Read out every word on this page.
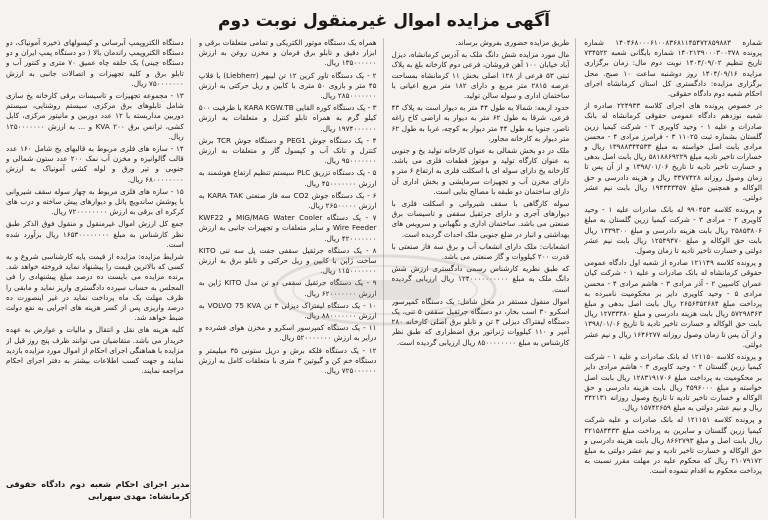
آگهی مزایده اموال غیرمنقول نوبت دوم

شماره ۱۴۰۴۶۸۰۰۰۶۱۰۰۸۳۶۸۱۱۴۵۴۷۲۸۵۹۸۸۳ شماره پرونده ۱۴۰۲۱۳۹۰۰۰۳۰۰۳۷۸ شماره بایگانی شعبه ۷۳۴۵۲۲ تاریخ تنظیم ۱۴۰۴/۰۹/۰۲ نوبت دوم مال: زمان برگزاری مزایده ۱۴۰۴/۰۹/۱۶ روز دوشنبه ساعت ۱۰ صبح. محل برگزاری مزایده: دادگستری کل استان کرمانشاه اجرای احکام شعبه دوم دادگاه حقوقی.

در خصوص پرونده های اجرای کلاسه ۲۲۴۹۳۳ صادره از شعبه نوزدهم دادگاه عمومی حقوقی کرمانشاه له بانک صادرات و علیه ۱ - وحید کاویری ۲ - شرکت کیمیا زرین گلستان بشماره ثبت ۱۱۰۲۵ ۳ - فرامرز مرادی ۴ - محسن مرادی بابت اصل خواسته به مبلغ ۱۳۹۸۸۳۴۴۵۳۳ ریال و خسارات تاخیر تادیه مبلغ ۵۸۱۸۸۶۹۲۲۹ ریال بابت اصل بدهی و خسارت تاخیر تادیه تا تاریخ ۱۳۹۸/۰۱/۰۶ و از آن پس تا زمان وصول روزانه ۳۳۷۷۴۲۸ ریال و هزینه دادرسی و حق الوکاله و همچنین مبلغ ۱۹۴۳۴۳۴۵۷ ریال بابت نیم عشر دولتی.

و پرونده کلاسه ۹۹۰۴۵۳ له بانک صادرات علیه ۱ - وحید کاویری ۲ - مرادی ۳ - شرکت کیمیا زرین گلستان به مبلغ ۲۵۸۵۳۸۰۶ ریال بابت هزینه دادرسی و مبلغ ۱۴۳۹۳۰۰ ریال بابت حق الوکاله و مبلغ ۱۲۵۴۹۴۷۰ ریال بابت نیم عشر دولتی و خسارت تاخیر تادیه تا زمان وصول.

و پرونده کلاسه ۱۲۱۱۴۹ صادره از شعبه اول دادگاه عمومی حقوقی کرمانشاه له بانک صادرات و علیه ۱ - شرکت کیان عمران کاسپین ۲ - آذر مرادی ۳ - هاشم مرادی ۴ - محسن مرادی ۵ - وحید کاویری دایر بر محکومیت نامبرده به پرداخت مبلغ ۲۶۵۶۳۵۲۶۸۴ ریال بابت اصل بدهی و مبلغ ۵۷۲۹۸۳۶۳ ریال بابت هزینه دادرسی و مبلغ ۱۲۷۳۳۳۸۰ ریال بابت حق الوکاله و خسارت تاخیر تادیه تا تاریخ ۱۳۹۸/۰۱/۰۶ و از آن پس تا زمان وصول روزانه ۱۶۴۶۲۷۷ ریال و نیم عشر دولتی.

و پرونده کلاسه ۱۲۱۱۵۰ له بانک صادرات و علیه ۱ - شرکت کیمیا زرین گلستان ۲ - وحید کاویری ۳ - هاشم مرادی دایر بر محکومیت به پرداخت مبلغ ۱۲۸۳۱۹۱۷۰۶ ریال بابت اصل خواسته و مبلغ ۴۵۹۶۰۰۰ ریال بابت هزینه دادرسی و حق الوکاله و خسارت تاخیر تادیه تا تاریخ وصول روزانه ۳۴۲۱۳۱ ریال و نیم عشر دولتی به مبلغ ۱۵۷۴۲۶۵۹ ریال.

و پرونده کلاسه ۱۲۱۱۵۱ له بانک صادرات و علیه شرکت کیمیا زرین گلستان و سایرین به پرداخت مبلغ ۴۲۱۵۸۳۴۳۳ ریال بابت اصل و مبلغ ۸۶۶۲۷۹۳ ریال بابت هزینه دادرسی و حق الوکاله و خسارت تاخیر تادیه و نیم عشر دولتی به مبلغ ۲۱۰۷۹۱۷۲ ریال که محکوم علیه در مهلت مقرر نسبت به پرداخت محکوم به اقدام ننموده است.

طریق مزایده حضوری بفروش برساند.

مال مورد مزایده شش دانگ ملک به آدرس کرمانشاه، دیزل آباد خیابان ۱۰۰ آهن فروشان، فرعی دوم کارخانه بلغ به پلاک ثبتی ۵۳ فرعی از ۱۲۸ اصلی بخش ۱۱ کرمانشاه بمساحت عرصه ۲۸۱۵ متر مربع و دارای ۱۸۲ متر مربع اعیانی با ساختمان اداری و سوله سالن تولید.

حدود اربعه: شمالا به طول ۴۴ متر به دیوار است به پلاک ۴۳ فرعی، شرقا به طول ۶۲ متر به دیوار به اراضی کاخ زاغه ناصر، جنوبا به طول ۴۴ متر دیوار به کوچه، غربا به طول ۶۲ متر دیوار به کارخانه مجاور.

ملک در دو بخش شمالی به عنوان کارخانه تولید یخ و جنوبی به عنوان کارگاه تولید و موتوژ قطعات فلزی می باشد. کارخانه یخ دارای سوله ای با اسکلت فلزی به ارتفاع ۶ متر و دارای مخزن آب و تجهیزات سرمایشی و بخش اداری آن دارای ساختمان دو طبقه با مصالح بنایی است.

سوله کارگاهی با سقف شیروانی و اسکلت فلزی با دیوارهای آجری و دارای جرثقیل سقفی و تاسیسات برق صنعتی می باشد. ساختمان اداری و نگهبانی و سرویس های بهداشتی و انبار در ضلع جنوبی ملک احداث گردیده است.

انشعابات: ملک دارای انشعاب آب و برق سه فاز صنعتی با قدرت ۲۰۰ کیلووات و گاز صنعتی می باشد.

که طبق نظریه کارشناس رسمی دادگستری ارزش شش دانگ ملک به مبلغ ۱۲۴۰۰۰۰۰۰۰۰۰۰ ریال ارزیابی گردیده است.

اموال منقول مستقر در محل شامل: یک دستگاه کمپرسور اسکرو ۳۰ اسب بخار، دو دستگاه جرثقیل سقفی ۵ تنی، یک دستگاه لیفتراک دیزلی ۳ تن و تابلو برق اصلی کارخانه ۲۸۰ آمپر و ۱۱۰ کیلووات ژنراتور برق اضطراری که طبق نظر کارشناس به مبلغ ۸۵۰۰۰۰۰۰۰۰ ریال ارزیابی گردیده است.

همراه یک دستگاه موتور الکتریکی و تمامی متعلقات برقی و ابزار دقیق و تابلو برق فرمان و مخزن روغن به ارزش ۱۳۵۰۰۰۰۰۰ ریال.

۲ - یک دستگاه تاور کرین ۱۲ تن لیبهر (Liebherr) با فلاپ ۴۵ متر و بازوی ۵۰ متری با کابین و ریل حرکتی به ارزش ۲۸۵۰۰۰۰۰۰۰ ریال.

۳ - یک دستگاه کوره القایی KARA KGW.TB با ظرفیت ۵۰۰ کیلو گرم به همراه تابلو کنترل و متعلقات به ارزش ۱۹۷۴۰۰۰۰۰۰ ریال.

۴ - یک دستگاه جوش PEG1 و دستگاه جوش TCR برش کنترل و تانک آب و کپسول گاز و متعلقات به ارزش ۹۵۰۰۰۰۰۰۰ ریال.

۵ - یک دستگاه تزریق PLC سیستم تنظیم ارتفاع هوشمند به ارزش ۴۵۰۰۰۰۰۰۰ ریال.

۶ - یک دستگاه جوش CO2 سه فاز صنعتی KARA TAK به ارزش ۲۶۵۰۰۰۰۰ ریال.

۷ - یک دستگاه MIG/MAG Water Cooler و KWF22 Wire Feeder و سایر متعلقات و تجهیزات جانبی به ارزش ۴۲۰۰۰۰۰۰۰ ریال.

۸ - یک دستگاه جرثقیل سقفی جفت پل سه تنی KITO ساخت ژاپن با کابین و ریل حرکتی و تابلو برق به ارزش ۱۱۵۰۰۰۰۰۰۰ ریال.

۹ - یک دستگاه جرثقیل سقفی دو تن مدل KITO ژاپن به ارزش ۶۲۰۰۰۰۰۰۰ ریال.

۱۰ - یک دستگاه لیفتراک دیزلی ۳ تن VOLVO 75 KVA به ارزش ۸۸۰۰۰۰۰۰۰ ریال.

۱۱ - یک دستگاه کمپرسور اسکرو و مخزن هوای فشرده و درایر به ارزش ۵۲۰۰۰۰۰۰۰ ریال.

۱۲ - یک دستگاه فلکه برش و دریل ستونی ۳۵ میلیمتر و دستگاه خم کن و گیوتین ۳ متری با متعلقات کامل به ارزش ۷۲۵۰۰۰۰۰۰ ریال.

دستگاه الکتروپمپ آبرسانی و کپسولهای ذخیره آمونیاک، دو دستگاه الکتروپمپ راندمان بالا ( دو دستگاه پمپ ایران و دو دستگاه چینی) یک حلقه چاه عمیق ۷۰ متری و کنتور آب و تابلو برق و کلیه تجهیزات و اتصالات جانبی به ارزش ۷۵۰۰۰۰۰۰۰ ریال.

۱۳ - مجموعه تجهیزات و تاسیسات برقی کارخانه یخ سازی شامل تابلوهای برق مرکزی، سیستم روشنایی، سیستم دوربین مداربسته با ۱۲ عدد دوربین و مانیتور مرکزی، کابل کشی، ترانس برق ۲۰۰ KVA و ... به ارزش ۱۲۵۰۰۰۰۰۰۰ ریال.

۱۴ - سازه های فلزی مربوط به قالبهای یخ شامل ۱۶۰ عدد قالب گالوانیزه و مخزن آب نمک ۲۰۰ عدد ستون شمالی و جنوبی و تیر ورق و لوله کشی آمونیاک به ارزش ۶۸۰۰۰۰۰۰۰۰ ریال.

۱۵ - سازه های فلزی مربوط به چهار سوله سقف شیروانی با پوشش ساندویچ پانل و دیوارهای پیش ساخته و درب های کرکره ای برقی به ارزش ۷۲۰۰۰۰۰۰۰۰ ریال.

جمع کل ارزش اموال غیرمنقول و منقول فوق الذکر طبق نظر کارشناس به مبلغ ۱۶۵۳۰۰۰۰۰۰۰۰ ریال برآورد شده است.

شرایط مزایده: مزایده از قیمت پایه کارشناسی شروع و به کسی که بالاترین قیمت را پیشنهاد نماید فروخته خواهد شد. برنده مزایده می بایست ده درصد مبلغ پیشنهادی را فی المجلس به حساب سپرده دادگستری واریز نماید و مابقی را ظرف مهلت یک ماه پرداخت نماید در غیر اینصورت ده درصد واریزی پس از کسر هزینه های اجرایی به نفع دولت ضبط خواهد شد.

کلیه هزینه های نقل و انتقال و مالیات و عوارض به عهده خریدار می باشد. متقاضیان می توانند ظرف پنج روز قبل از مزایده با هماهنگی اجرای احکام از اموال مورد مزایده بازدید نمایند و جهت کسب اطلاعات بیشتر به دفتر اجرای احکام مراجعه نمایند.

مدیر اجرای احکام شعبه دوم دادگاه حقوقی کرمانشاه: مهدی سهرابی
